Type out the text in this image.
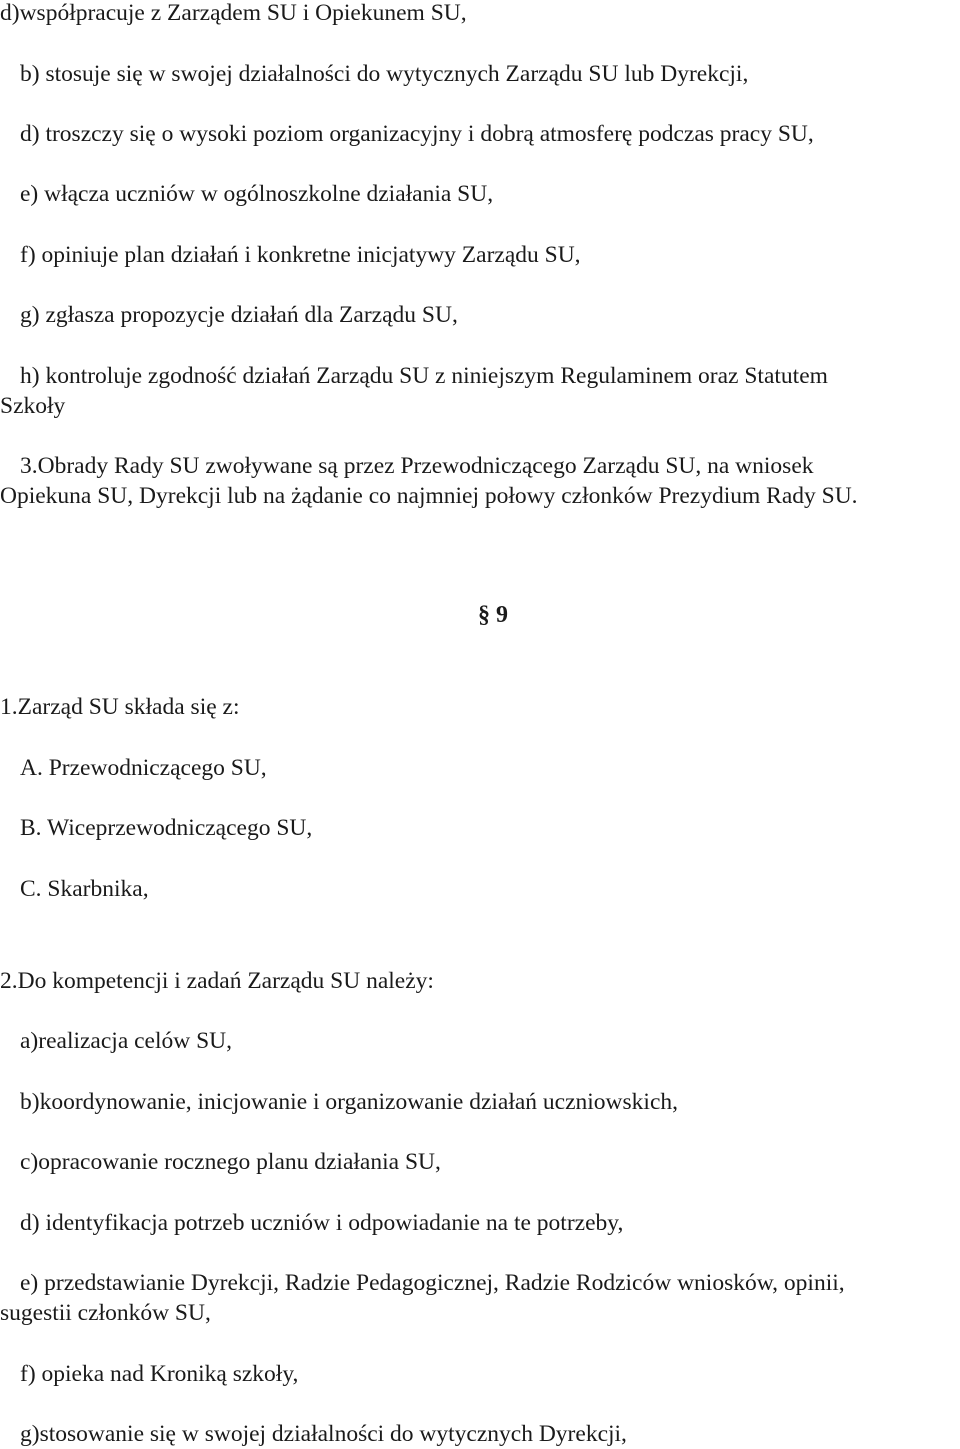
d)współpracuje z Zarządem SU i Opiekunem SU,
b) stosuje się w swojej działalności do wytycznych Zarządu SU lub Dyrekcji,
d) troszczy się o wysoki poziom organizacyjny i dobrą atmosferę podczas pracy SU,
e) włącza uczniów w ogólnoszkolne działania SU,
f) opiniuje plan działań i konkretne inicjatywy Zarządu SU,
g) zgłasza propozycje działań dla Zarządu SU,
h) kontroluje zgodność działań Zarządu SU z niniejszym Regulaminem oraz Statutem
Szkoły
3.Obrady Rady SU zwoływane są przez Przewodniczącego Zarządu SU, na wniosek
Opiekuna SU, Dyrekcji lub na żądanie co najmniej połowy członków Prezydium Rady SU.
§ 9
1.Zarząd SU składa się z:
A. Przewodniczącego SU,
B. Wiceprzewodniczącego SU,
C. Skarbnika,
2.Do kompetencji i zadań Zarządu SU należy:
a)realizacja celów SU,
b)koordynowanie, inicjowanie i organizowanie działań uczniowskich,
c)opracowanie rocznego planu działania SU,
d) identyfikacja potrzeb uczniów i odpowiadanie na te potrzeby,
e) przedstawianie Dyrekcji, Radzie Pedagogicznej, Radzie Rodziców wniosków, opinii,
sugestii członków SU,
f) opieka nad Kroniką szkoły,
g)stosowanie się w swojej działalności do wytycznych Dyrekcji,
